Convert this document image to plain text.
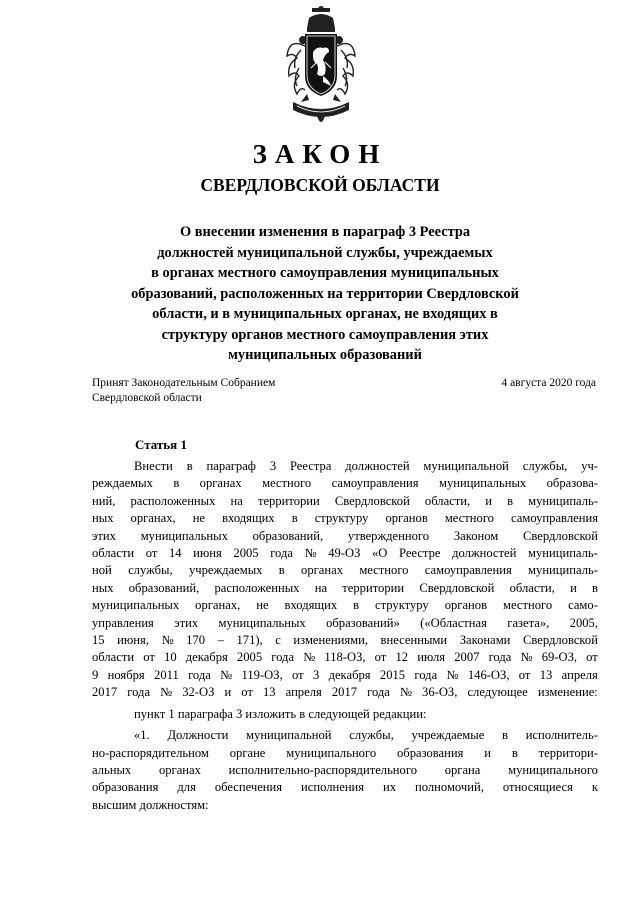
ЗАКОН
СВЕРДЛОВСКОЙ ОБЛАСТИ
О внесении изменения в параграф 3 Реестра
должностей муниципальной службы, учреждаемых
в органах местного самоуправления муниципальных
образований, расположенных на территории Свердловской
области, и в муниципальных органах, не входящих в
структуру органов местного самоуправления этих
муниципальных образований
Принят Законодательным Собранием
Свердловской области
4 августа 2020 года
Статья 1
Внести в параграф 3 Реестра должностей муниципальной службы, уч-
реждаемых в органах местного самоуправления муниципальных образова-
ний, расположенных на территории Свердловской области, и в муниципаль-
ных органах, не входящих в структуру органов местного самоуправления
этих муниципальных образований, утвержденного Законом Свердловской
области от 14 июня 2005 года № 49-ОЗ «О Реестре должностей муниципаль-
ной службы, учреждаемых в органах местного самоуправления муниципаль-
ных образований, расположенных на территории Свердловской области, и в
муниципальных органах, не входящих в структуру органов местного само-
управления этих муниципальных образований» («Областная газета», 2005,
15 июня, № 170 – 171), с изменениями, внесенными Законами Свердловской
области от 10 декабря 2005 года № 118-ОЗ, от 12 июля 2007 года № 69-ОЗ, от
9 ноября 2011 года № 119-ОЗ, от 3 декабря 2015 года № 146-ОЗ, от 13 апреля
2017 года № 32-ОЗ и от 13 апреля 2017 года № 36-ОЗ, следующее изменение:
пункт 1 параграфа 3 изложить в следующей редакции:
«1. Должности муниципальной службы, учреждаемые в исполнитель-
но-распорядительном органе муниципального образования и в территори-
альных органах исполнительно-распорядительного органа муниципального
образования для обеспечения исполнения их полномочий, относящиеся к
высшим должностям:
